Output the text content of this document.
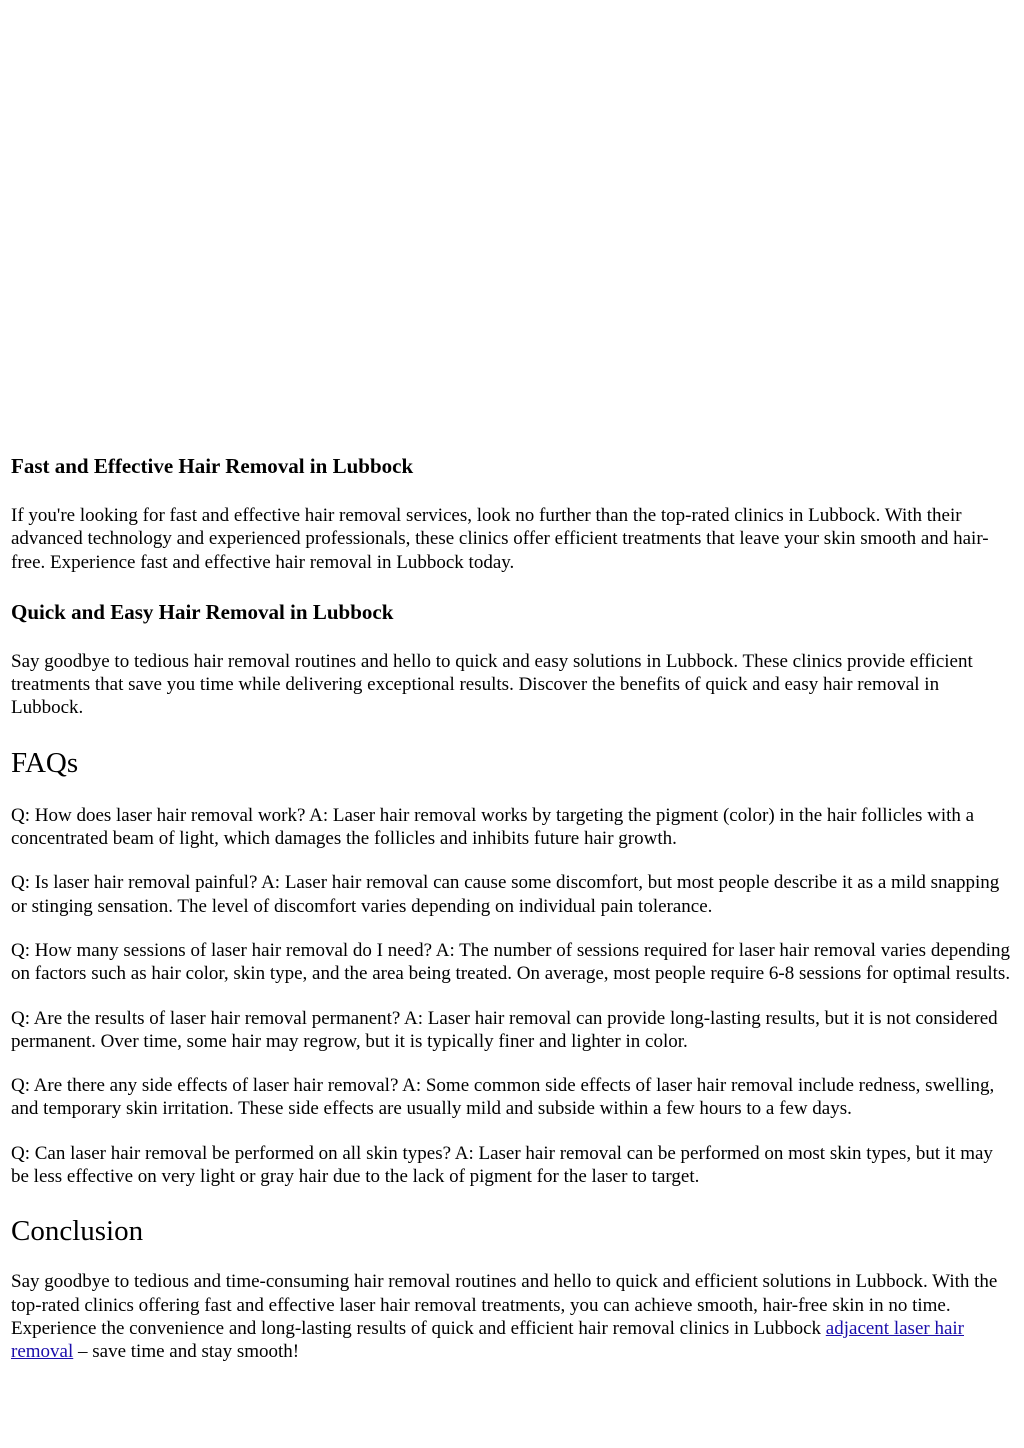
Fast and Effective Hair Removal in Lubbock

If you're looking for fast and effective hair removal services, look no further than the top-rated clinics in Lubbock. With their advanced technology and experienced professionals, these clinics offer efficient treatments that leave your skin smooth and hair-free. Experience fast and effective hair removal in Lubbock today.

Quick and Easy Hair Removal in Lubbock

Say goodbye to tedious hair removal routines and hello to quick and easy solutions in Lubbock. These clinics provide efficient treatments that save you time while delivering exceptional results. Discover the benefits of quick and easy hair removal in Lubbock.

FAQs

Q: How does laser hair removal work? A: Laser hair removal works by targeting the pigment (color) in the hair follicles with a concentrated beam of light, which damages the follicles and inhibits future hair growth.

Q: Is laser hair removal painful? A: Laser hair removal can cause some discomfort, but most people describe it as a mild snapping or stinging sensation. The level of discomfort varies depending on individual pain tolerance.

Q: How many sessions of laser hair removal do I need? A: The number of sessions required for laser hair removal varies depending on factors such as hair color, skin type, and the area being treated. On average, most people require 6-8 sessions for optimal results.

Q: Are the results of laser hair removal permanent? A: Laser hair removal can provide long-lasting results, but it is not considered permanent. Over time, some hair may regrow, but it is typically finer and lighter in color.

Q: Are there any side effects of laser hair removal? A: Some common side effects of laser hair removal include redness, swelling, and temporary skin irritation. These side effects are usually mild and subside within a few hours to a few days.

Q: Can laser hair removal be performed on all skin types? A: Laser hair removal can be performed on most skin types, but it may be less effective on very light or gray hair due to the lack of pigment for the laser to target.

Conclusion

Say goodbye to tedious and time-consuming hair removal routines and hello to quick and efficient solutions in Lubbock. With the top-rated clinics offering fast and effective laser hair removal treatments, you can achieve smooth, hair-free skin in no time. Experience the convenience and long-lasting results of quick and efficient hair removal clinics in Lubbock adjacent laser hair removal – save time and stay smooth!
